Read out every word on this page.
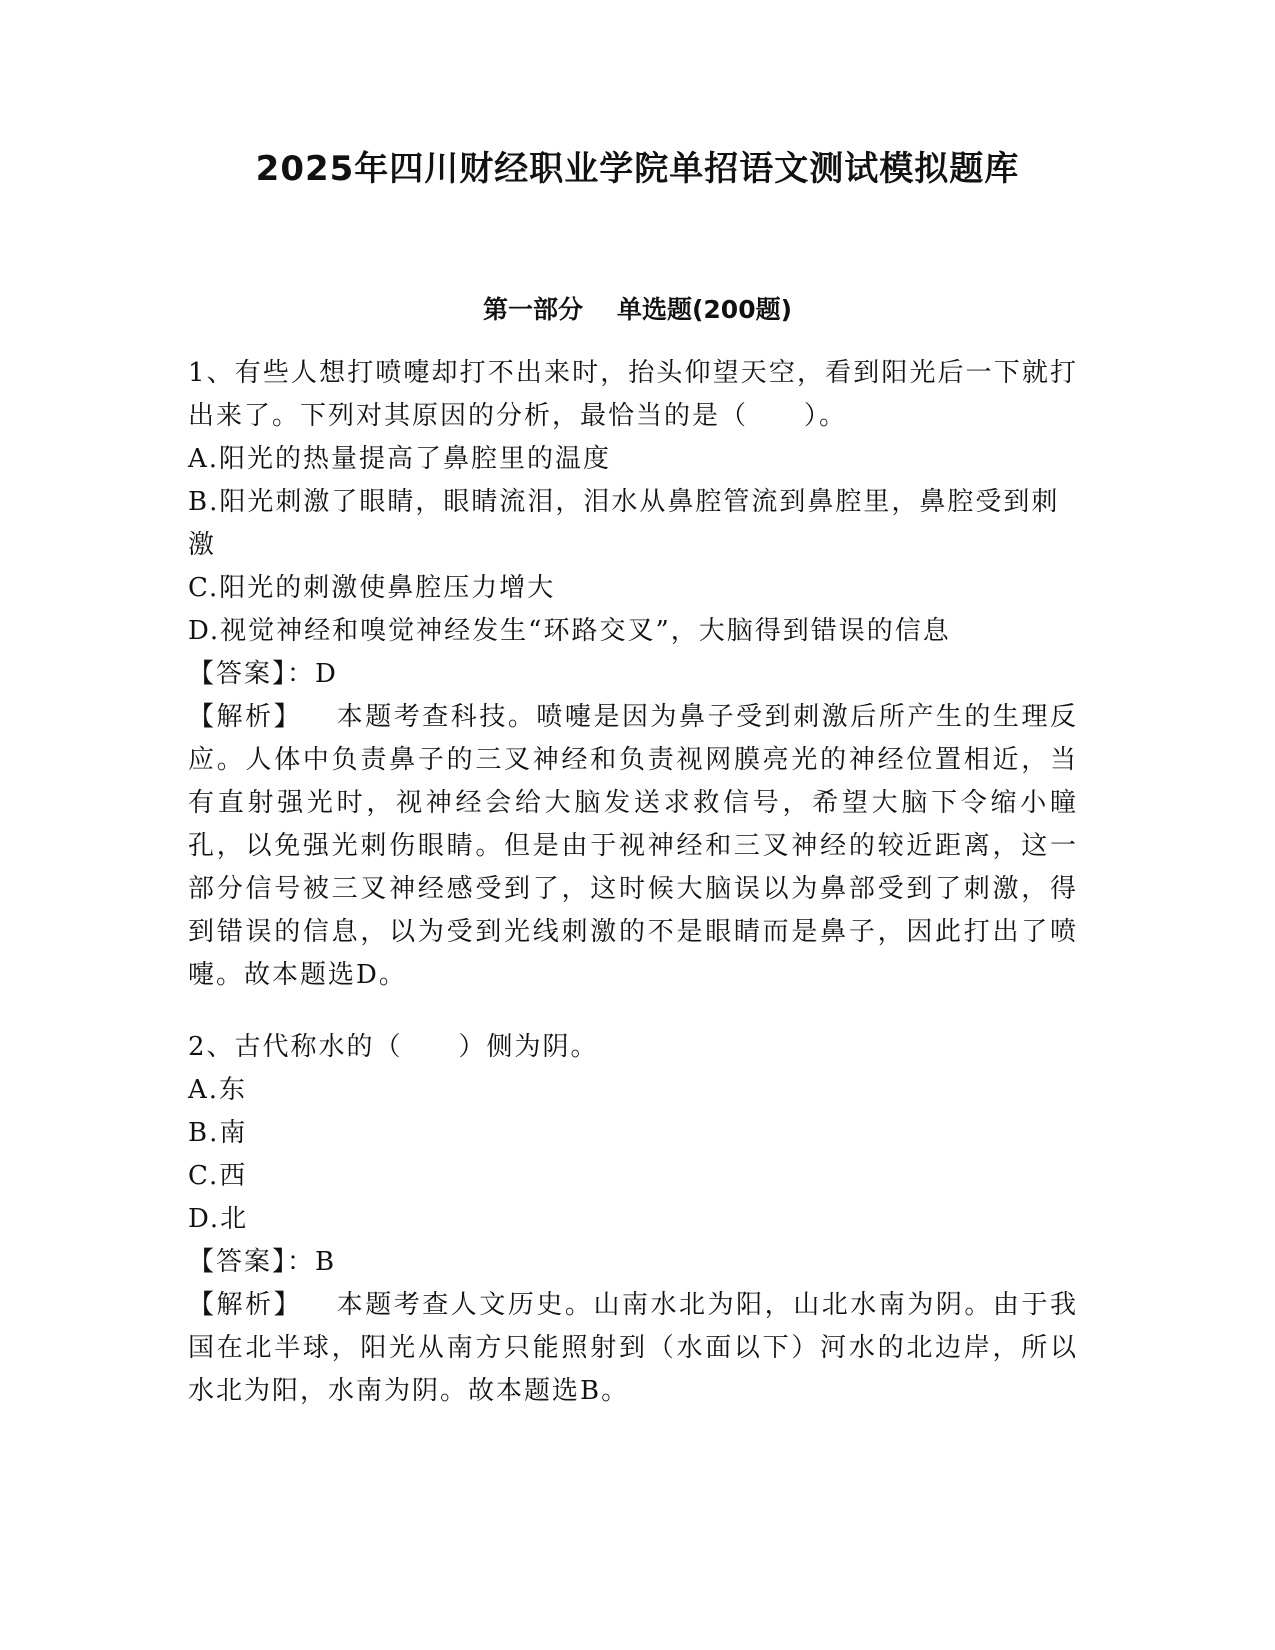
2025年四川财经职业学院单招语文测试模拟题库
第一部分 单选题(200题)

1、有些人想打喷嚏却打不出来时，抬头仰望天空，看到阳光后一下就打出来了。下列对其原因的分析，最恰当的是（　　）。

A.阳光的热量提高了鼻腔里的温度

B.阳光刺激了眼睛，眼睛流泪，泪水从鼻腔管流到鼻腔里，鼻腔受到刺激

C.阳光的刺激使鼻腔压力增大

D.视觉神经和嗅觉神经发生“环路交叉”，大脑得到错误的信息

【答案】：D

【解析】 本题考查科技。喷嚏是因为鼻子受到刺激后所产生的生理反应。人体中负责鼻子的三叉神经和负责视网膜亮光的神经位置相近，当有直射强光时，视神经会给大脑发送求救信号，希望大脑下令缩小瞳孔，以免强光刺伤眼睛。但是由于视神经和三叉神经的较近距离，这一部分信号被三叉神经感受到了，这时候大脑误以为鼻部受到了刺激，得到错误的信息，以为受到光线刺激的不是眼睛而是鼻子，因此打出了喷嚏。故本题选D。

2、古代称水的（　　）侧为阴。

A.东

B.南

C.西

D.北

【答案】：B

【解析】 本题考查人文历史。山南水北为阳，山北水南为阴。由于我国在北半球，阳光从南方只能照射到（水面以下）河水的北边岸，所以水北为阳，水南为阴。故本题选B。
